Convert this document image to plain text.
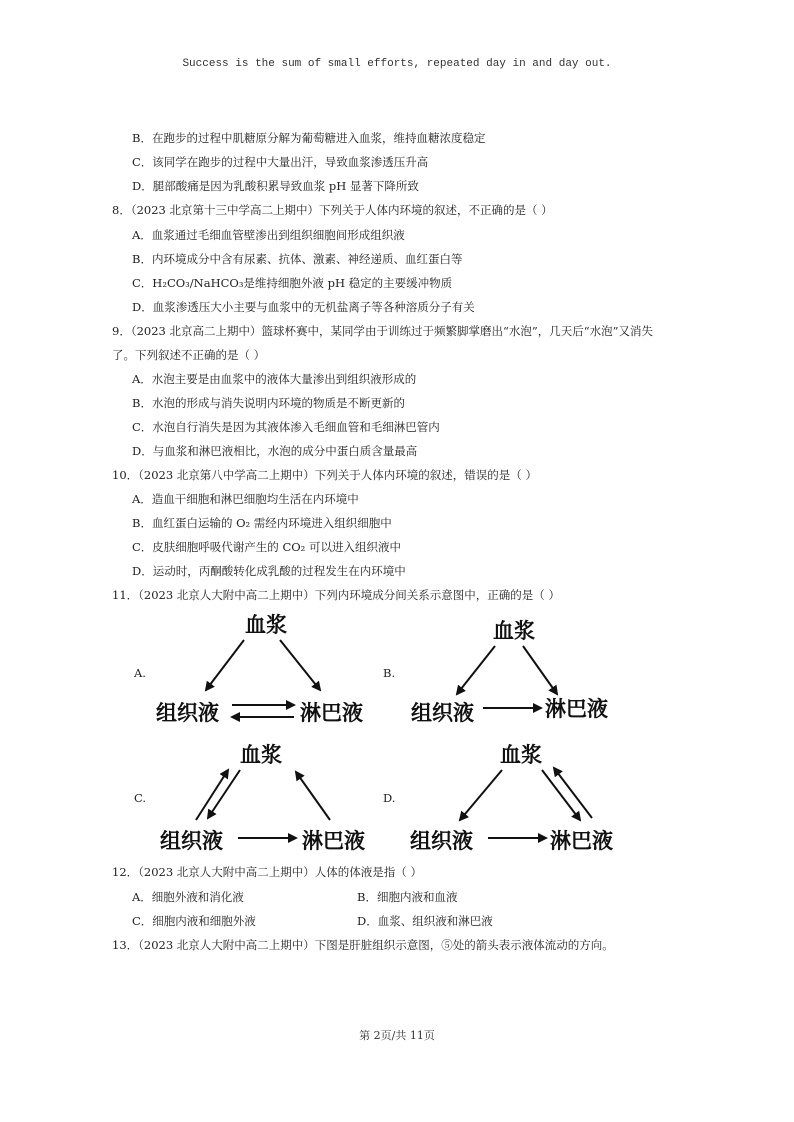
Success is the sum of small efforts, repeated day in and day out.
B．在跑步的过程中肌糖原分解为葡萄糖进入血浆，维持血糖浓度稳定
C．该同学在跑步的过程中大量出汗，导致血浆渗透压升高
D．腿部酸痛是因为乳酸积累导致血浆 pH 显著下降所致
8．（2023 北京第十三中学高二上期中）下列关于人体内环境的叙述，不正确的是（ ）
A．血浆通过毛细血管壁渗出到组织细胞间形成组织液
B．内环境成分中含有尿素、抗体、激素、神经递质、血红蛋白等
C．H₂CO₃/NaHCO₃是维持细胞外液 pH 稳定的主要缓冲物质
D．血浆渗透压大小主要与血浆中的无机盐离子等各种溶质分子有关
9．（2023 北京高二上期中）篮球杯赛中，某同学由于训练过于频繁脚掌磨出“水泡”，几天后“水泡”又消失
了。下列叙述不正确的是（ ）
A．水泡主要是由血浆中的液体大量渗出到组织液形成的
B．水泡的形成与消失说明内环境的物质是不断更新的
C．水泡自行消失是因为其液体渗入毛细血管和毛细淋巴管内
D．与血浆和淋巴液相比，水泡的成分中蛋白质含量最高
10．（2023 北京第八中学高二上期中）下列关于人体内环境的叙述，错误的是（ ）
A．造血干细胞和淋巴细胞均生活在内环境中
B．血红蛋白运输的 O₂ 需经内环境进入组织细胞中
C．皮肤细胞呼吸代谢产生的 CO₂ 可以进入组织液中
D．运动时，丙酮酸转化成乳酸的过程发生在内环境中
11．（2023 北京人大附中高二上期中）下列内环境成分间关系示意图中，正确的是（ ）
A.	B.
C.	D.
血浆
组织液	淋巴液
血浆
组织液	淋巴液
血浆
组织液	淋巴液
血浆
组织液	淋巴液
12．（2023 北京人大附中高二上期中）人体的体液是指（ ）
A．细胞外液和消化液	B．细胞内液和血液
C．细胞内液和细胞外液	D．血浆、组织液和淋巴液
13．（2023 北京人大附中高二上期中）下图是肝脏组织示意图，⑤处的箭头表示液体流动的方向。
第 2页/共 11页
